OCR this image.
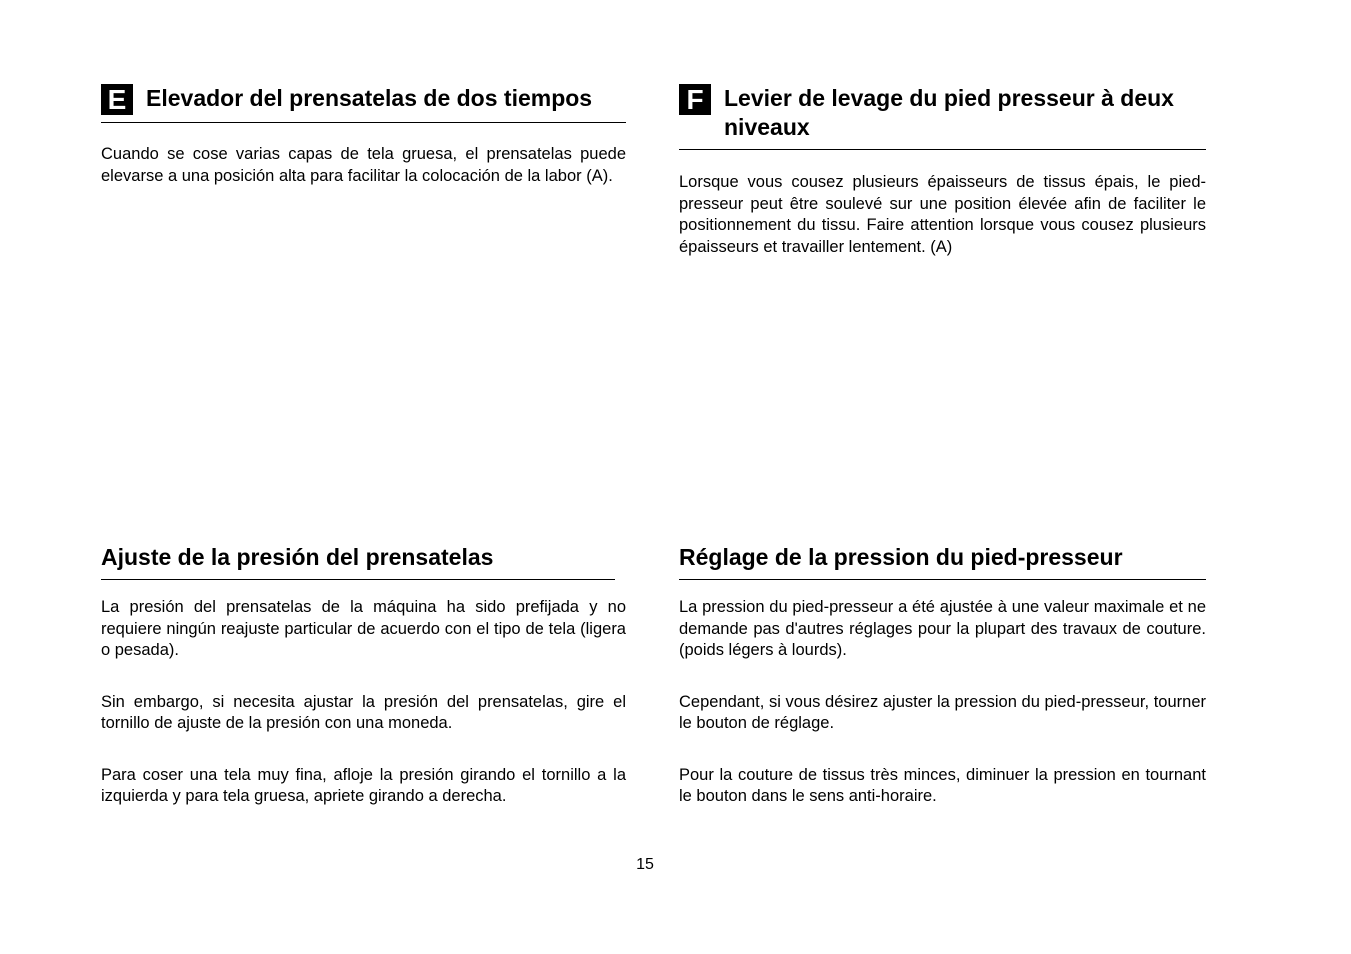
E Elevador del prensatelas de dos tiempos

Cuando se cose varias capas de tela gruesa, el prensatelas puede elevarse a una posición alta para facilitar la colocación de la labor (A).

F Levier de levage du pied presseur à deux niveaux

Lorsque vous cousez plusieurs épaisseurs de tissus épais, le pied-presseur peut être soulevé sur une position élevée afin de faciliter le positionnement du tissu. Faire attention lorsque vous cousez plusieurs épaisseurs et travailler lentement. (A)

Ajuste de la presión del prensatelas

La presión del prensatelas de la máquina ha sido prefijada y no requiere ningún reajuste particular de acuerdo con el tipo de tela (ligera o pesada).

Sin embargo, si necesita ajustar la presión del prensatelas, gire el tornillo de ajuste de la presión con una moneda.

Para coser una tela muy fina, afloje la presión girando el tornillo a la izquierda y para tela gruesa, apriete girando a derecha.

Réglage de la pression du pied-presseur

La pression du pied-presseur a été ajustée à une valeur maximale et ne demande pas d'autres réglages pour la plupart des travaux de couture. (poids légers à lourds).

Cependant, si vous désirez ajuster la pression du pied-presseur, tourner le bouton de réglage.

Pour la couture de tissus très minces, diminuer la pression en tournant le bouton dans le sens anti-horaire.

15
